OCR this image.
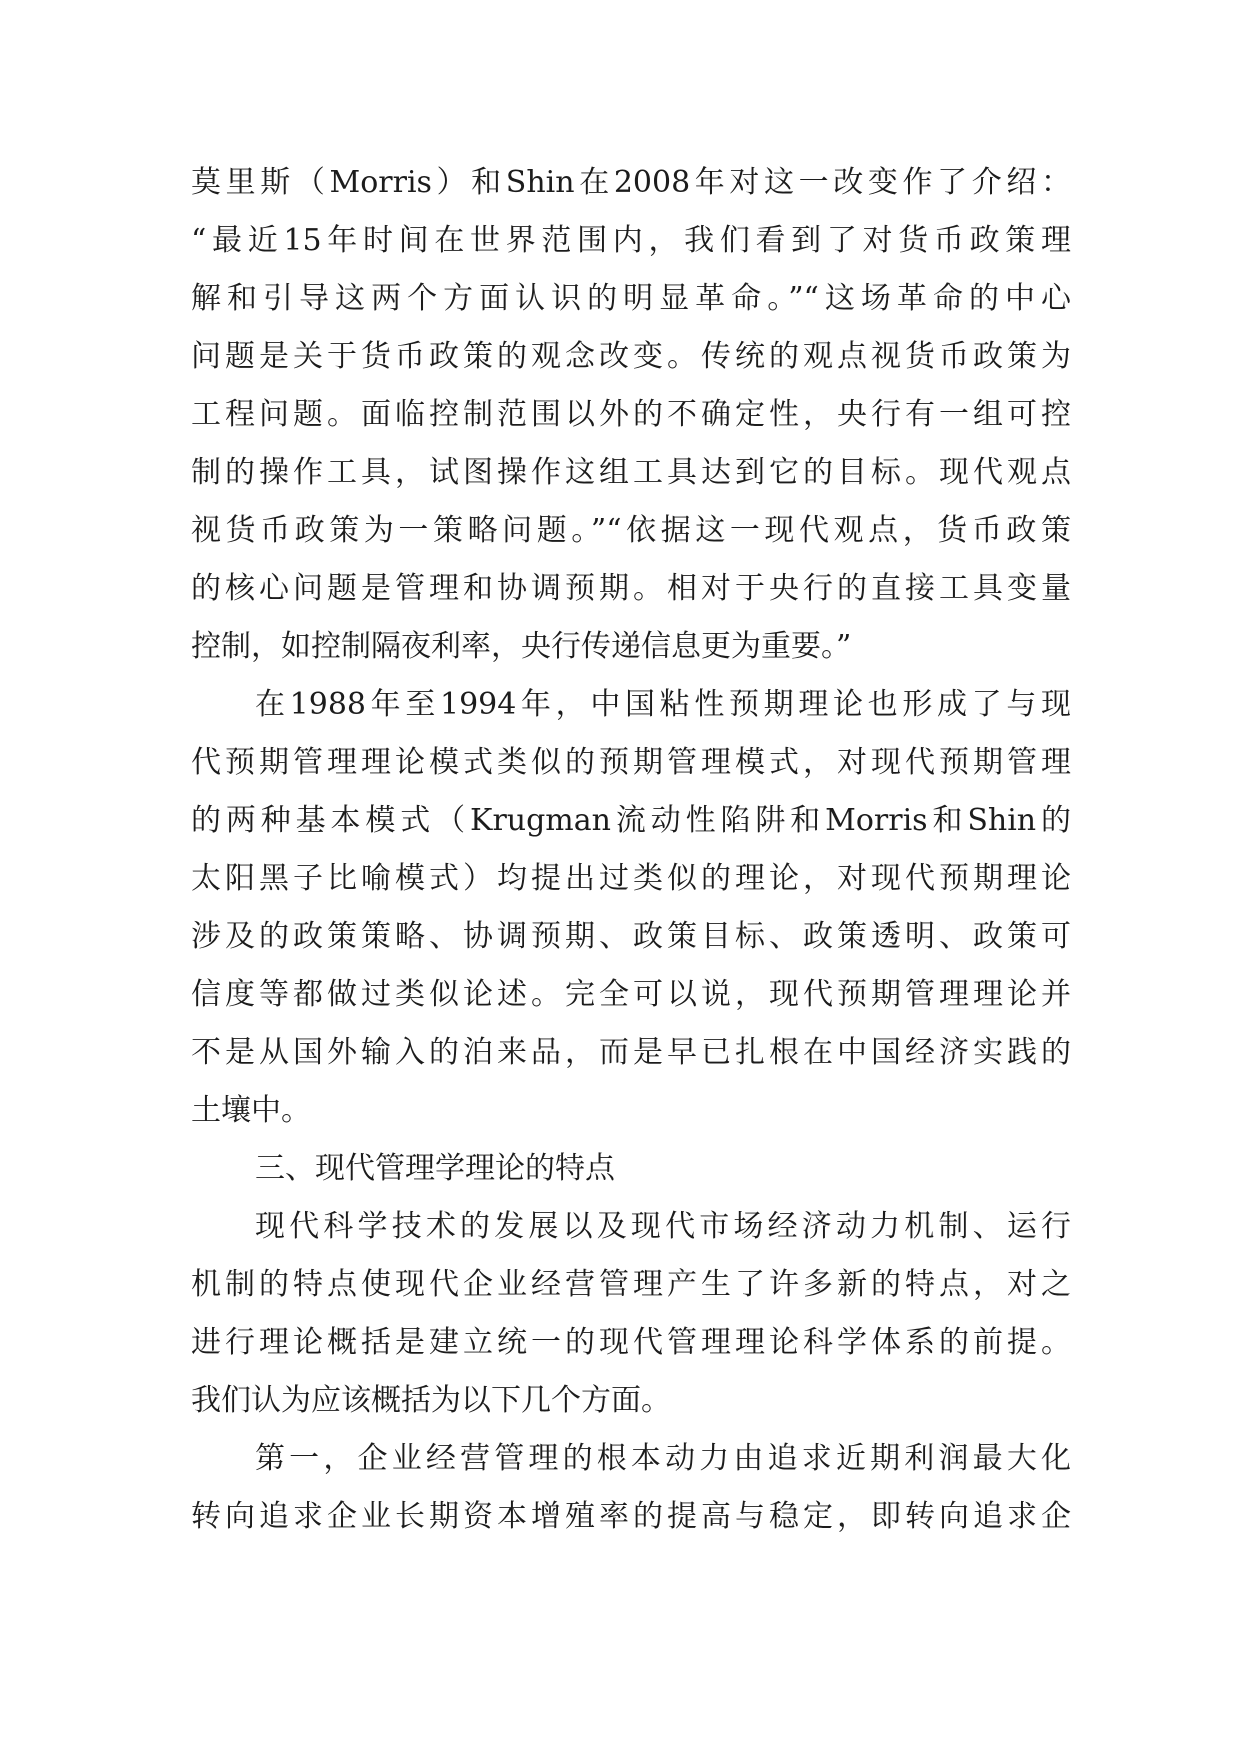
莫里斯（Morris）和Shin在2008年对这一改变作了介绍：
“最近15年时间在世界范围内，我们看到了对货币政策理
解和引导这两个方面认识的明显革命。”“这场革命的中心
问题是关于货币政策的观念改变。传统的观点视货币政策为
工程问题。面临控制范围以外的不确定性，央行有一组可控
制的操作工具，试图操作这组工具达到它的目标。现代观点
视货币政策为一策略问题。”“依据这一现代观点，货币政策
的核心问题是管理和协调预期。相对于央行的直接工具变量
控制，如控制隔夜利率，央行传递信息更为重要。”
在1988年至1994年，中国粘性预期理论也形成了与现
代预期管理理论模式类似的预期管理模式，对现代预期管理
的两种基本模式（Krugman流动性陷阱和Morris和Shin的
太阳黑子比喻模式）均提出过类似的理论，对现代预期理论
涉及的政策策略、协调预期、政策目标、政策透明、政策可
信度等都做过类似论述。完全可以说，现代预期管理理论并
不是从国外输入的泊来品，而是早已扎根在中国经济实践的
土壤中。
三、现代管理学理论的特点
现代科学技术的发展以及现代市场经济动力机制、运行
机制的特点使现代企业经营管理产生了许多新的特点，对之
进行理论概括是建立统一的现代管理理论科学体系的前提。
我们认为应该概括为以下几个方面。
第一，企业经营管理的根本动力由追求近期利润最大化
转向追求企业长期资本增殖率的提高与稳定，即转向追求企
